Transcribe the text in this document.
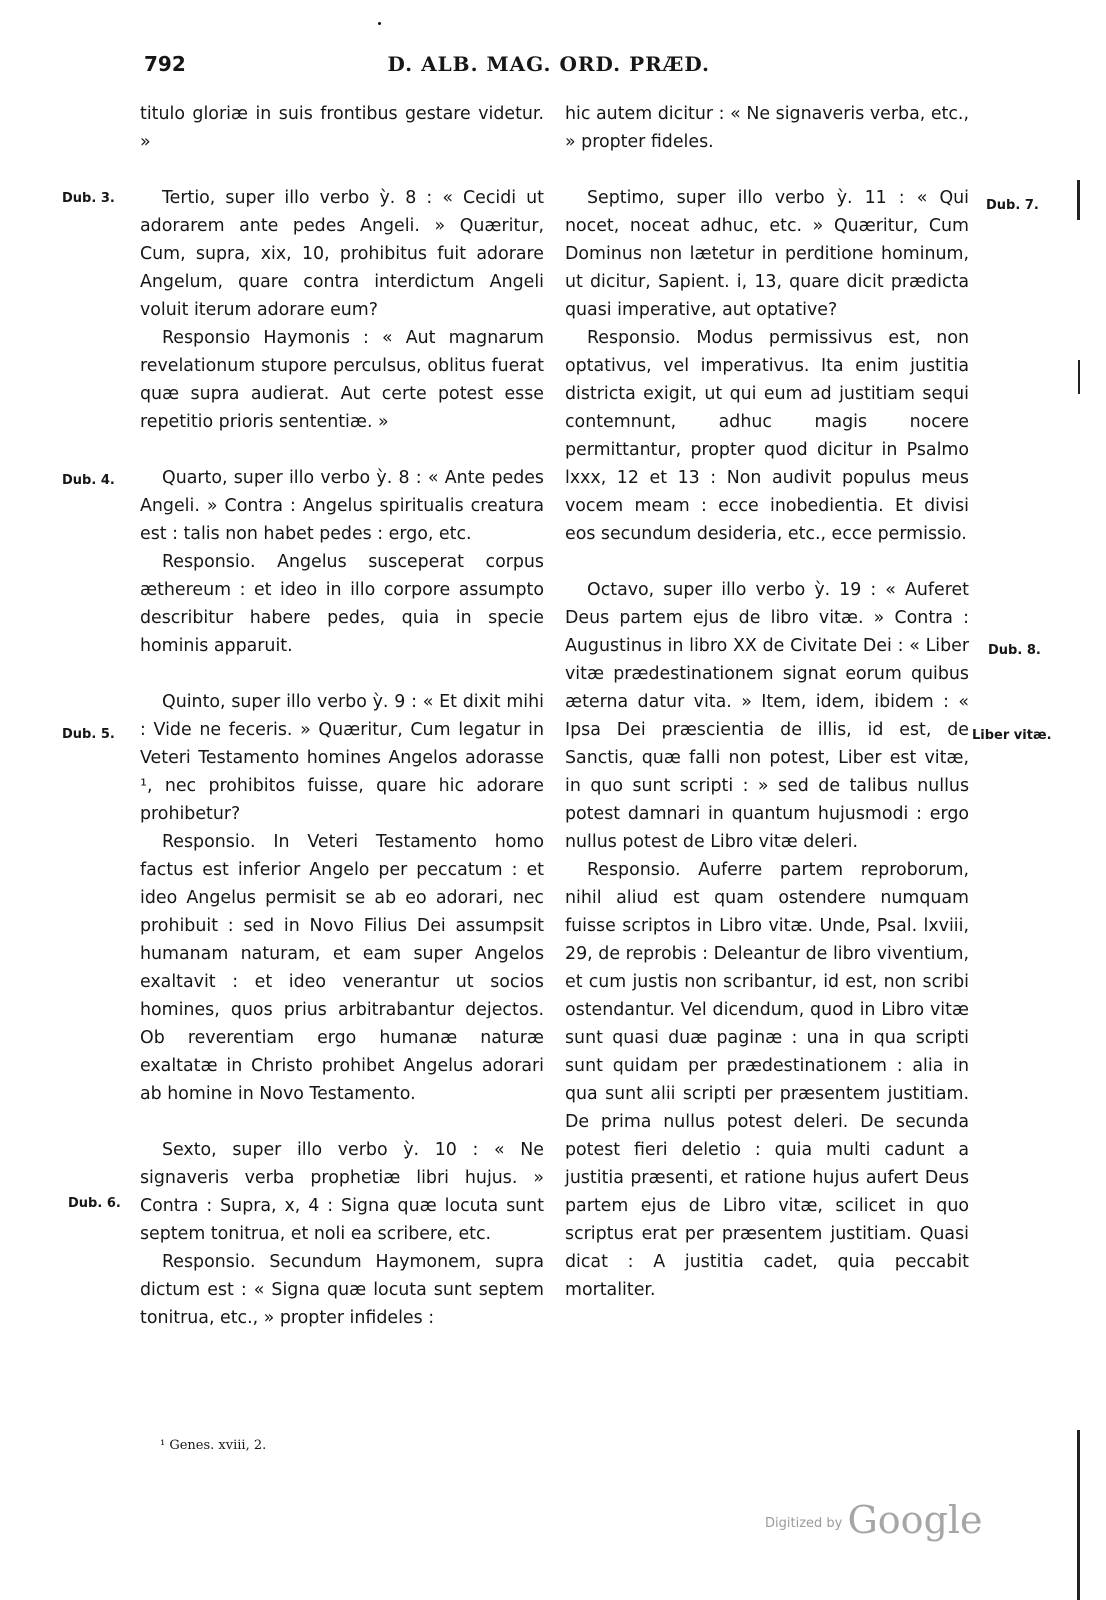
792	D. ALB. MAG. ORD. PRÆD.
Dub. 3.
Dub. 4.
Dub. 5.
Dub. 6.
Dub. 7.
Dub. 8.
Liber vitæ.

titulo gloriæ in suis frontibus gestare videtur. »

Tertio, super illo verbo ỳ. 8 : « Cecidi ut adorarem ante pedes Angeli. » Quæritur, Cum, supra, xix, 10, prohibitus fuit adorare Angelum, quare contra interdictum Angeli voluit iterum adorare eum?

Responsio Haymonis : « Aut magnarum revelationum stupore perculsus, oblitus fuerat quæ supra audierat. Aut certe potest esse repetitio prioris sententiæ. »

Quarto, super illo verbo ỳ. 8 : « Ante pedes Angeli. » Contra : Angelus spiritualis creatura est : talis non habet pedes : ergo, etc.

Responsio. Angelus susceperat corpus æthereum : et ideo in illo corpore assumpto describitur habere pedes, quia in specie hominis apparuit.

Quinto, super illo verbo ỳ. 9 : « Et dixit mihi : Vide ne feceris. » Quæritur, Cum legatur in Veteri Testamento homines Angelos adorasse ¹, nec prohibitos fuisse, quare hic adorare prohibetur?

Responsio. In Veteri Testamento homo factus est inferior Angelo per peccatum : et ideo Angelus permisit se ab eo adorari, nec prohibuit : sed in Novo Filius Dei assumpsit humanam naturam, et eam super Angelos exaltavit : et ideo venerantur ut socios homines, quos prius arbitrabantur dejectos. Ob reverentiam ergo humanæ naturæ exaltatæ in Christo prohibet Angelus adorari ab homine in Novo Testamento.

Sexto, super illo verbo ỳ. 10 : « Ne signaveris verba prophetiæ libri hujus. » Contra : Supra, x, 4 : Signa quæ locuta sunt septem tonitrua, et noli ea scribere, etc.

Responsio. Secundum Haymonem, supra dictum est : « Signa quæ locuta sunt septem tonitrua, etc., » propter infideles :

hic autem dicitur : « Ne signaveris verba, etc., » propter fideles.

Septimo, super illo verbo ỳ. 11 : « Qui nocet, noceat adhuc, etc. » Quæritur, Cum Dominus non lætetur in perditione hominum, ut dicitur, Sapient. i, 13, quare dicit prædicta quasi imperative, aut optative?

Responsio. Modus permissivus est, non optativus, vel imperativus. Ita enim justitia districta exigit, ut qui eum ad justitiam sequi contemnunt, adhuc magis nocere permittantur, propter quod dicitur in Psalmo lxxx, 12 et 13 : Non audivit populus meus vocem meam : ecce inobedientia. Et divisi eos secundum desideria, etc., ecce permissio.

Octavo, super illo verbo ỳ. 19 : « Auferet Deus partem ejus de libro vitæ. » Contra : Augustinus in libro XX de Civitate Dei : « Liber vitæ prædestinationem signat eorum quibus æterna datur vita. » Item, idem, ibidem : « Ipsa Dei præscientia de illis, id est, de Sanctis, quæ falli non potest, Liber est vitæ, in quo sunt scripti : » sed de talibus nullus potest damnari in quantum hujusmodi : ergo nullus potest de Libro vitæ deleri.

Responsio. Auferre partem reproborum, nihil aliud est quam ostendere numquam fuisse scriptos in Libro vitæ. Unde, Psal. lxviii, 29, de reprobis : Deleantur de libro viventium, et cum justis non scribantur, id est, non scribi ostendantur. Vel dicendum, quod in Libro vitæ sunt quasi duæ paginæ : una in qua scripti sunt quidam per prædestinationem : alia in qua sunt alii scripti per præsentem justitiam. De prima nullus potest deleri. De secunda potest fieri deletio : quia multi cadunt a justitia præsenti, et ratione hujus aufert Deus partem ejus de Libro vitæ, scilicet in quo scriptus erat per præsentem justitiam. Quasi dicat : A justitia cadet, quia peccabit mortaliter.

¹ Genes. xviii, 2.
$^{Digitized by}$ Google
